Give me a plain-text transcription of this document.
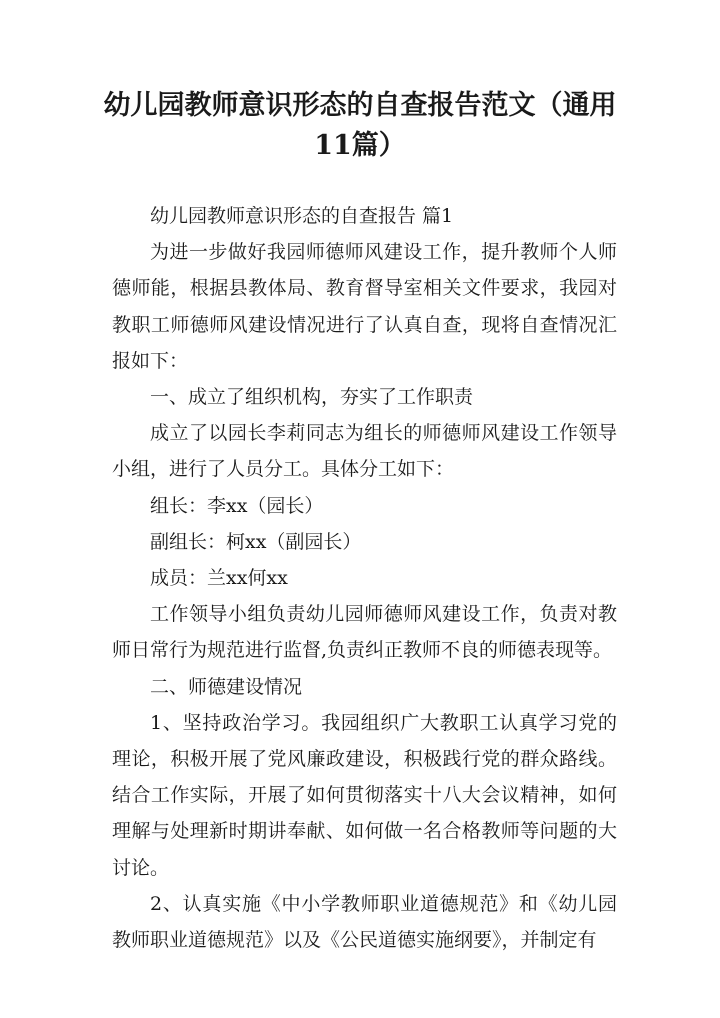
幼儿园教师意识形态的自查报告范文（通用
11篇）

幼儿园教师意识形态的自查报告 篇1

为进一步做好我园师德师风建设工作，提升教师个人师德师能，根据县教体局、教育督导室相关文件要求，我园对教职工师德师风建设情况进行了认真自查，现将自查情况汇报如下：

一、成立了组织机构，夯实了工作职责

成立了以园长李莉同志为组长的师德师风建设工作领导小组，进行了人员分工。具体分工如下：

组长：李xx（园长）

副组长：柯xx（副园长）

成员：兰xx何xx

工作领导小组负责幼儿园师德师风建设工作，负责对教师日常行为规范进行监督,负责纠正教师不良的师德表现等。

二、师德建设情况

1、坚持政治学习。我园组织广大教职工认真学习党的理论，积极开展了党风廉政建设，积极践行党的群众路线。结合工作实际，开展了如何贯彻落实十八大会议精神，如何理解与处理新时期讲奉献、如何做一名合格教师等问题的大讨论。

2、认真实施《中小学教师职业道德规范》和《幼儿园教师职业道德规范》以及《公民道德实施纲要》，并制定有
